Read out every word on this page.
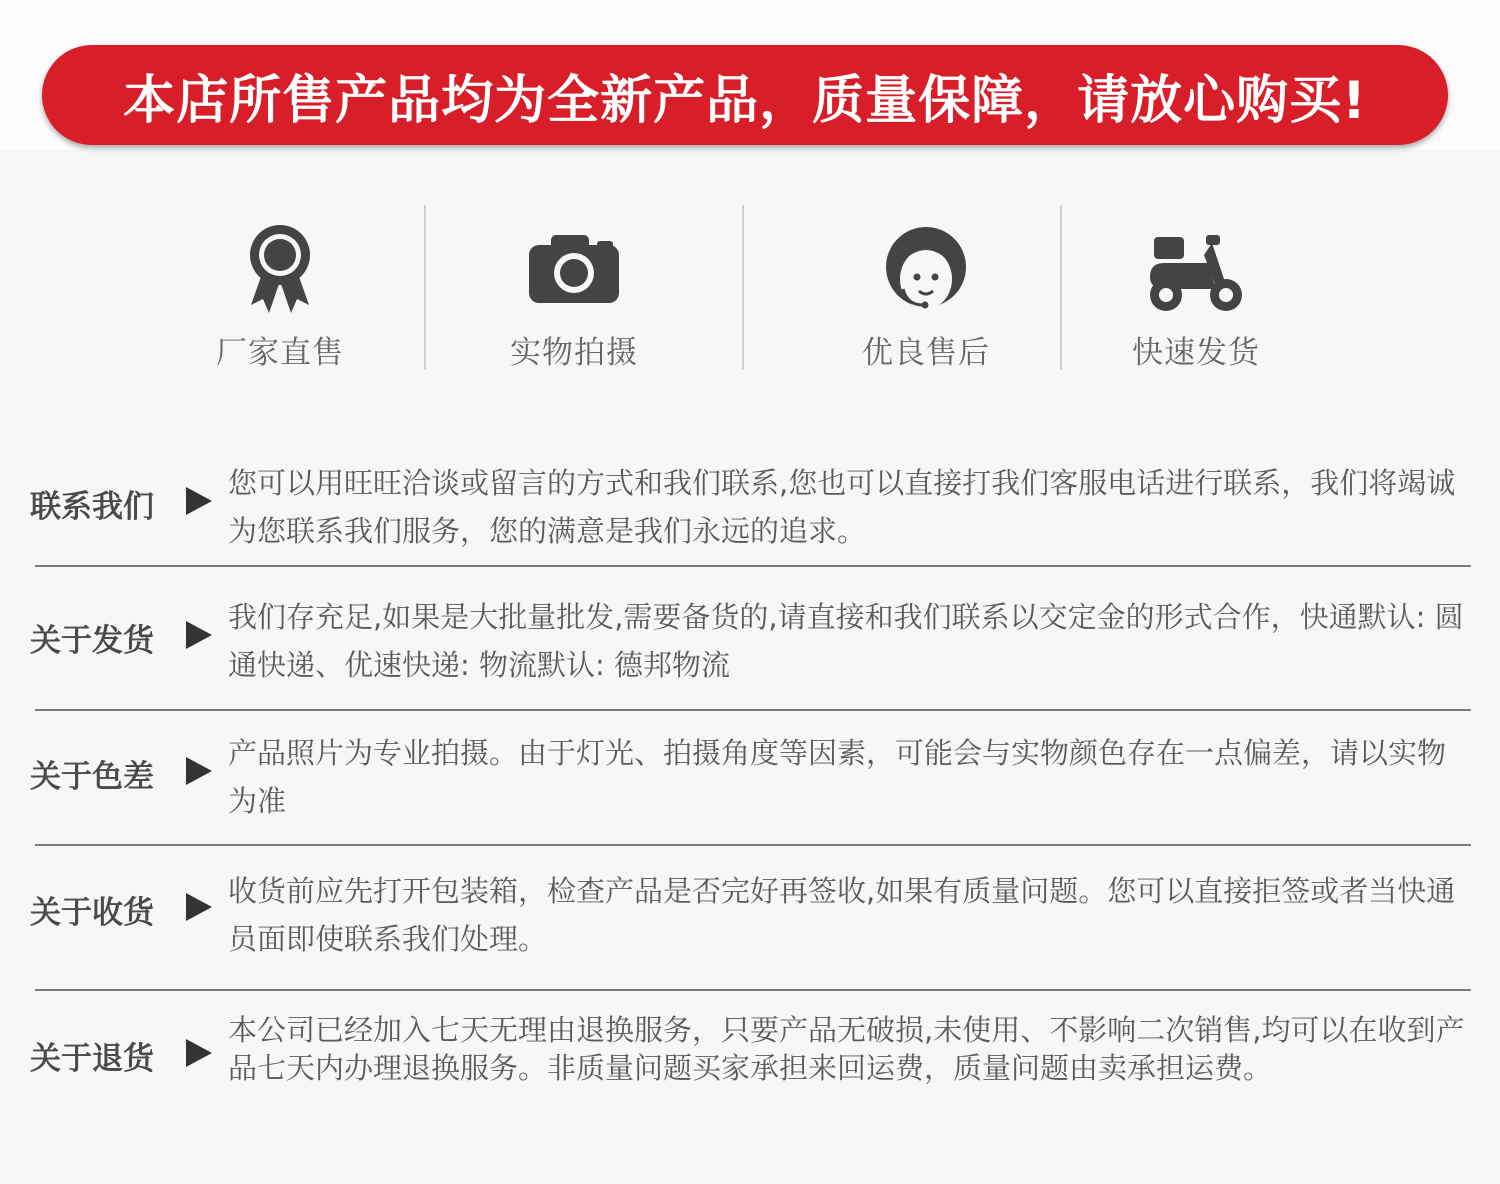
本店所售产品均为全新产品，质量保障，请放心购买!
厂家直售	实物拍摄	优良售后	快速发货
联系我们
您可以用旺旺洽谈或留言的方式和我们联系,您也可以直接打我们客服电话进行联系，我们将竭诚为您联系我们服务，您的满意是我们永远的追求。
关于发货
我们存充足,如果是大批量批发,需要备货的,请直接和我们联系以交定金的形式合作，快通默认: 圆通快递、优速快递: 物流默认: 德邦物流
关于色差
产品照片为专业拍摄。由于灯光、拍摄角度等因素，可能会与实物颜色存在一点偏差，请以实物为准
关于收货
收货前应先打开包装箱，检查产品是否完好再签收,如果有质量问题。您可以直接拒签或者当快通员面即使联系我们处理。
关于退货
本公司已经加入七天无理由退换服务，只要产品无破损,未使用、不影响二次销售,均可以在收到产品七天内办理退换服务。非质量问题买家承担来回运费，质量问题由卖承担运费。
